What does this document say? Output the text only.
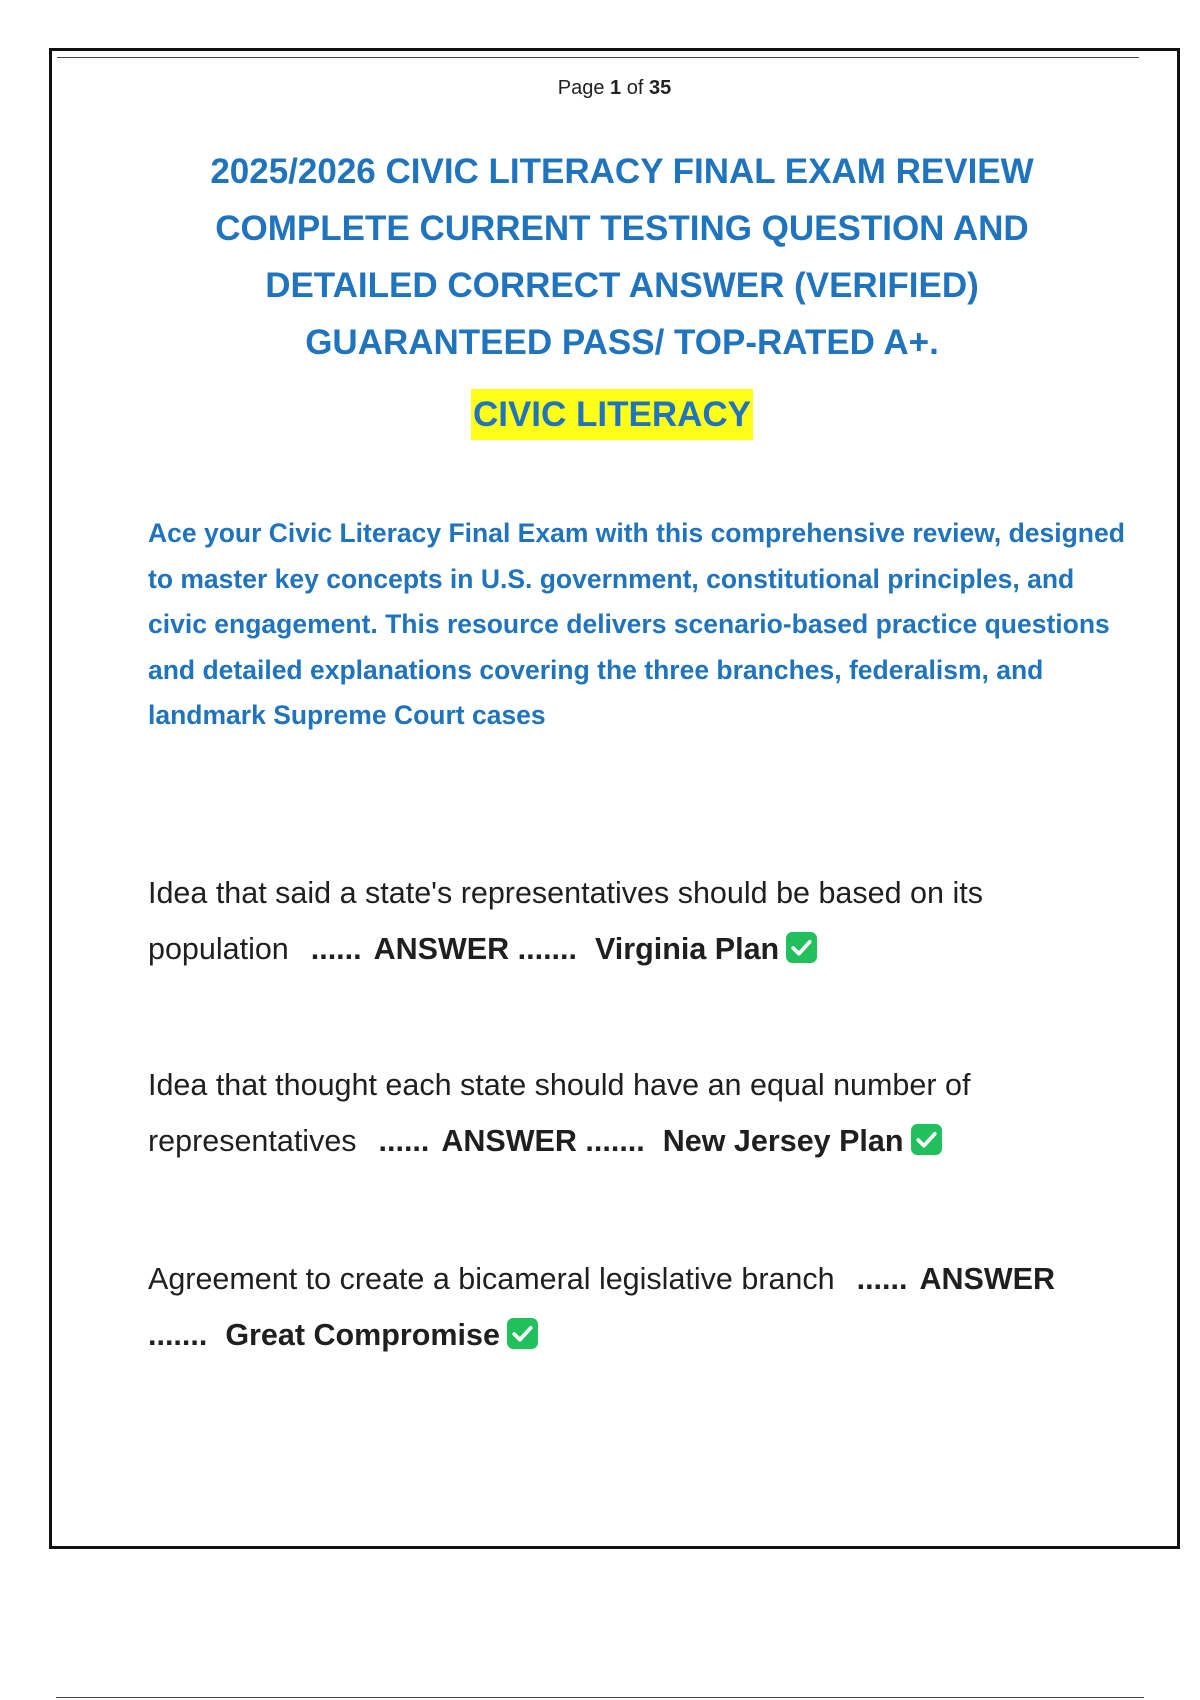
Page 1 of 35
2025/2026 CIVIC LITERACY FINAL EXAM REVIEW
COMPLETE CURRENT TESTING QUESTION AND
DETAILED CORRECT ANSWER (VERIFIED)
GUARANTEED PASS/ TOP-RATED A+.
CIVIC LITERACY

Ace your Civic Literacy Final Exam with this comprehensive review, designed to master key concepts in U.S. government, constitutional principles, and civic engagement. This resource delivers scenario-based practice questions and detailed explanations covering the three branches, federalism, and landmark Supreme Court cases

Idea that said a state's representatives should be based on its population ...... ANSWER ....... Virginia Plan

Idea that thought each state should have an equal number of representatives ...... ANSWER ....... New Jersey Plan

Agreement to create a bicameral legislative branch ...... ANSWER ....... Great Compromise
